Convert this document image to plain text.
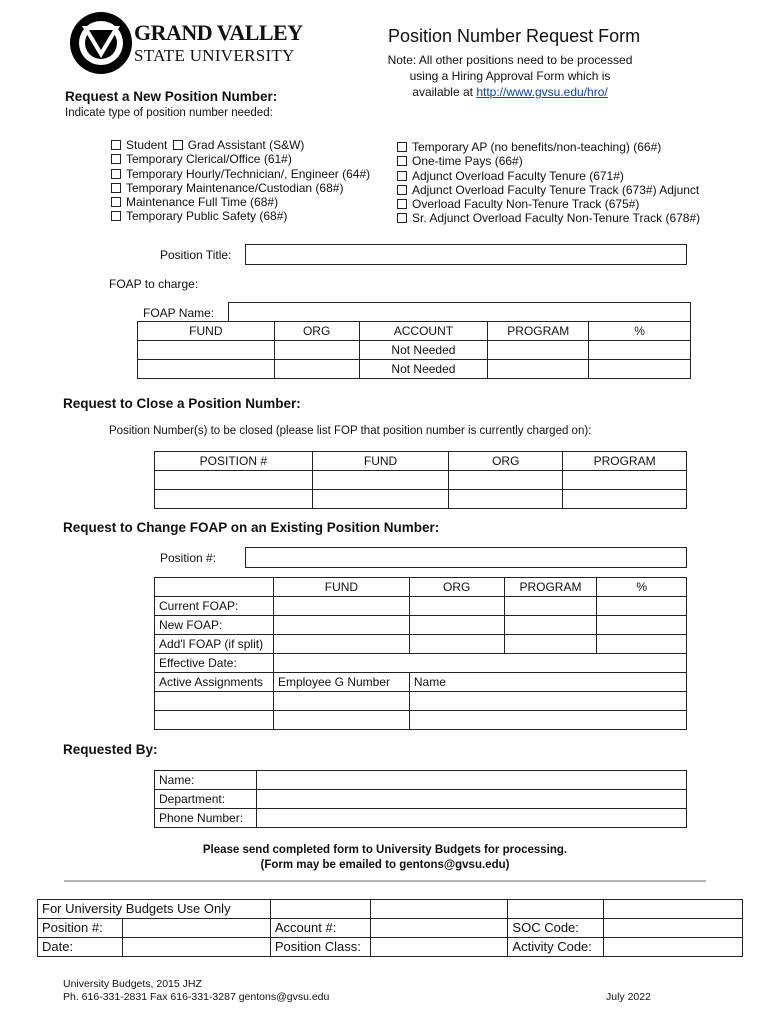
GRAND VALLEY
STATE UNIVERSITY
Position Number Request Form
Note: All other positions need to be processed
using a Hiring Approval Form which is
available at http://www.gvsu.edu/hro/
Request a New Position Number:
Indicate type of position number needed:
Student Grad Assistant (S&W)
Temporary Clerical/Office (61#)
Temporary Hourly/Technician/, Engineer (64#)
Temporary Maintenance/Custodian (68#)
Maintenance Full Time (68#)
Temporary Public Safety (68#)
Temporary AP (no benefits/non-teaching) (66#)
One-time Pays (66#)
Adjunct Overload Faculty Tenure (671#)
Adjunct Overload Faculty Tenure Track (673#) Adjunct
Overload Faculty Non-Tenure Track (675#)
Sr. Adjunct Overload Faculty Non-Tenure Track (678#)
Position Title:
FOAP to charge:
FOAP Name:
FUND	ORG	ACCOUNT	PROGRAM	%
		Not Needed		
		Not Needed		
Request to Close a Position Number:
Position Number(s) to be closed (please list FOP that position number is currently charged on):
POSITION #	FUND	ORG	PROGRAM

Request to Change FOAP on an Existing Position Number:
Position #:
	FUND	ORG	PROGRAM	%
Current FOAP:				
New FOAP:				
Add'l FOAP (if split)				
Effective Date:				
Active Assignments	Employee G Number	Name		

Requested By:
Name:	
Department:	
Phone Number:	
Please send completed form to University Budgets for processing.
(Form may be emailed to gentons@gvsu.edu)
For University Budgets Use Only					
Position #:		Account #:		SOC Code:	
Date:		Position Class:		Activity Code:	
University Budgets, 2015 JHZ
Ph. 616-331-2831 Fax 616-331-3287 gentons@gvsu.edu	July 2022
